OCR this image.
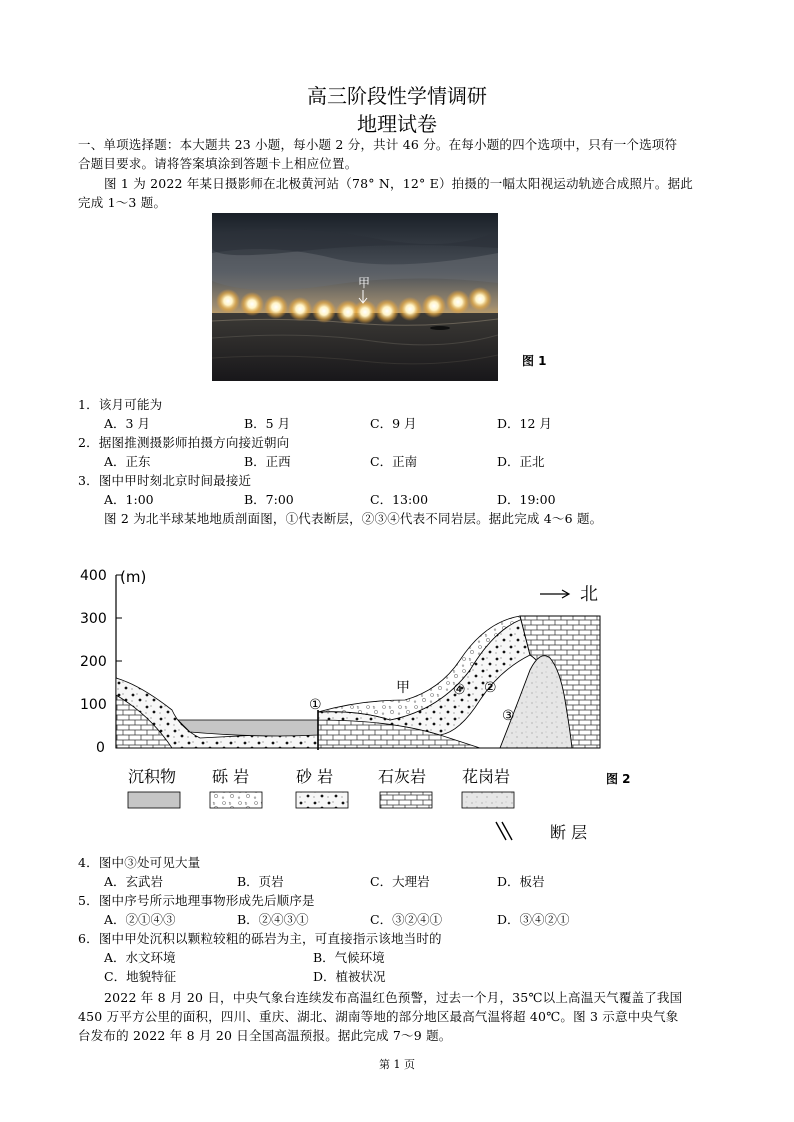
高三阶段性学情调研
地理试卷
一、单项选择题：本大题共 23 小题，每小题 2 分，共计 46 分。在每小题的四个选项中，只有一个选项符
合题目要求。请将答案填涂到答题卡上相应位置。
图 1 为 2022 年某日摄影师在北极黄河站（78° N，12° E）拍摄的一幅太阳视运动轨迹合成照片。据此
完成 1～3 题。
甲
图 1
1．该月可能为
A．3 月	B．5 月	C．9 月	D．12 月
2．据图推测摄影师拍摄方向接近朝向
A．正东	B．正西	C．正南	D．正北
3．图中甲时刻北京时间最接近
A．1:00	B．7:00	C．13:00	D．19:00
图 2 为北半球某地地质剖面图，①代表断层，②③④代表不同岩层。据此完成 4～6 题。
400
300
200
100
0
(m)
北
①
②
③
④
甲
沉积物 砾 岩	砂 岩	石灰岩 花岗岩
断 层
图 2
4．图中③处可见大量
A．玄武岩	B．页岩	C．大理岩	D．板岩
5．图中序号所示地理事物形成先后顺序是
A．②①④③	B．②④③①	C．③②④①	D．③④②①
6．图中甲处沉积以颗粒较粗的砾岩为主，可直接指示该地当时的
A．水文环境	B．气候环境
C．地貌特征	D．植被状况
2022 年 8 月 20 日，中央气象台连续发布高温红色预警，过去一个月，35℃以上高温天气覆盖了我国
450 万平方公里的面积，四川、重庆、湖北、湖南等地的部分地区最高气温将超 40℃。图 3 示意中央气象
台发布的 2022 年 8 月 20 日全国高温预报。据此完成 7～9 题。
第 1 页
